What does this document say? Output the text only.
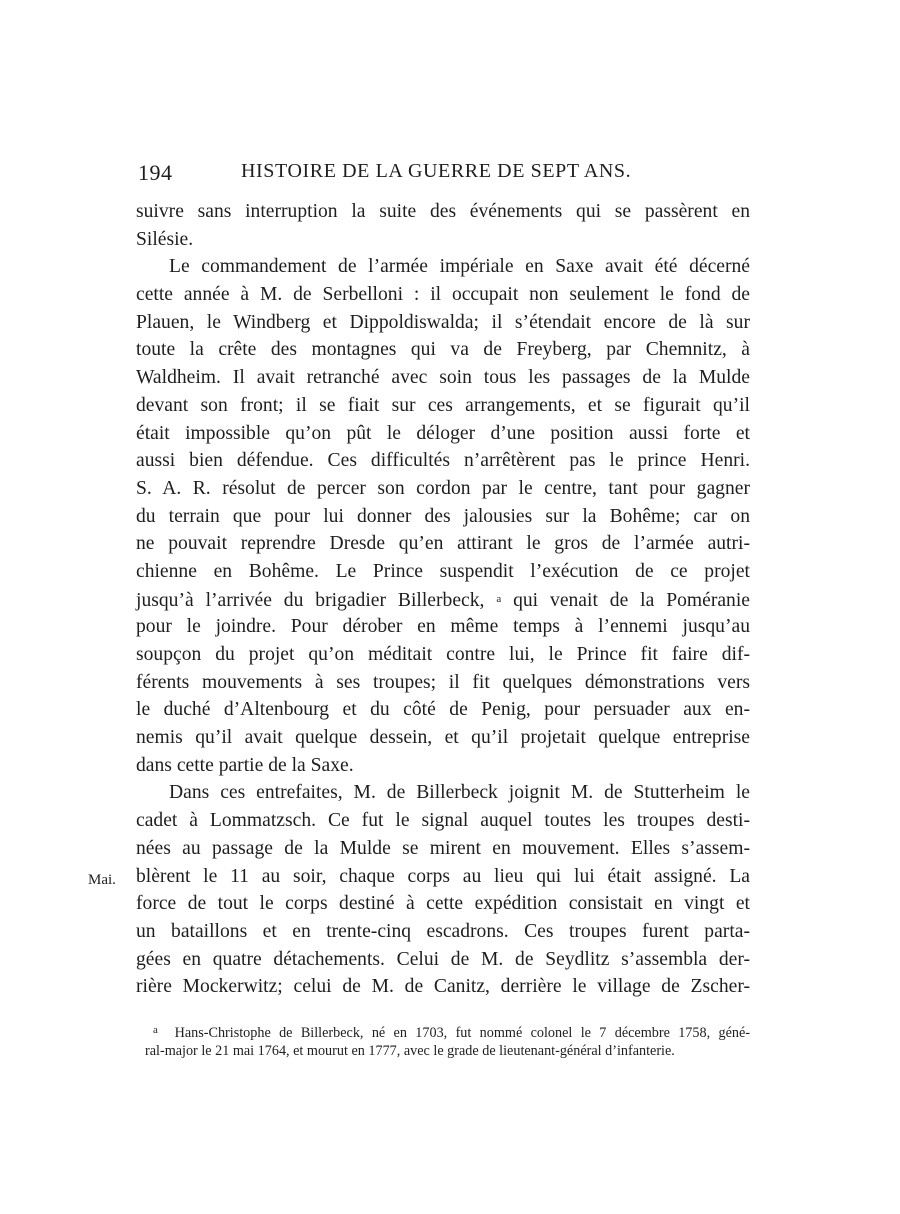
194	HISTOIRE DE LA GUERRE DE SEPT ANS.
suivre sans interruption la suite des événements qui se passèrent en
Silésie.
Le commandement de l’armée impériale en Saxe avait été décerné
cette année à M. de Serbelloni : il occupait non seulement le fond de
Plauen, le Windberg et Dippoldiswalda; il s’étendait encore de là sur
toute la crête des montagnes qui va de Freyberg, par Chemnitz, à
Waldheim. Il avait retranché avec soin tous les passages de la Mulde
devant son front; il se fiait sur ces arrangements, et se figurait qu’il
était impossible qu’on pût le déloger d’une position aussi forte et
aussi bien défendue. Ces difficultés n’arrêtèrent pas le prince Henri.
S. A. R. résolut de percer son cordon par le centre, tant pour gagner
du terrain que pour lui donner des jalousies sur la Bohême; car on
ne pouvait reprendre Dresde qu’en attirant le gros de l’armée autri-
chienne en Bohême. Le Prince suspendit l’exécution de ce projet
jusqu’à l’arrivée du brigadier Billerbeck, $^a$ qui venait de la Poméranie
pour le joindre. Pour dérober en même temps à l’ennemi jusqu’au
soupçon du projet qu’on méditait contre lui, le Prince fit faire dif-
férents mouvements à ses troupes; il fit quelques démonstrations vers
le duché d’Altenbourg et du côté de Penig, pour persuader aux en-
nemis qu’il avait quelque dessein, et qu’il projetait quelque entreprise
dans cette partie de la Saxe.
Dans ces entrefaites, M. de Billerbeck joignit M. de Stutterheim le
cadet à Lommatzsch. Ce fut le signal auquel toutes les troupes desti-
nées au passage de la Mulde se mirent en mouvement. Elles s’assem-
blèrent le 11 au soir, chaque corps au lieu qui lui était assigné. La
force de tout le corps destiné à cette expédition consistait en vingt et
un bataillons et en trente-cinq escadrons. Ces troupes furent parta-
gées en quatre détachements. Celui de M. de Seydlitz s’assembla der-
rière Mockerwitz; celui de M. de Canitz, derrière le village de Zscher-
Mai.
$^a$ Hans-Christophe de Billerbeck, né en 1703, fut nommé colonel le 7 décembre 1758, géné-
ral-major le 21 mai 1764, et mourut en 1777, avec le grade de lieutenant-général d’infanterie.
